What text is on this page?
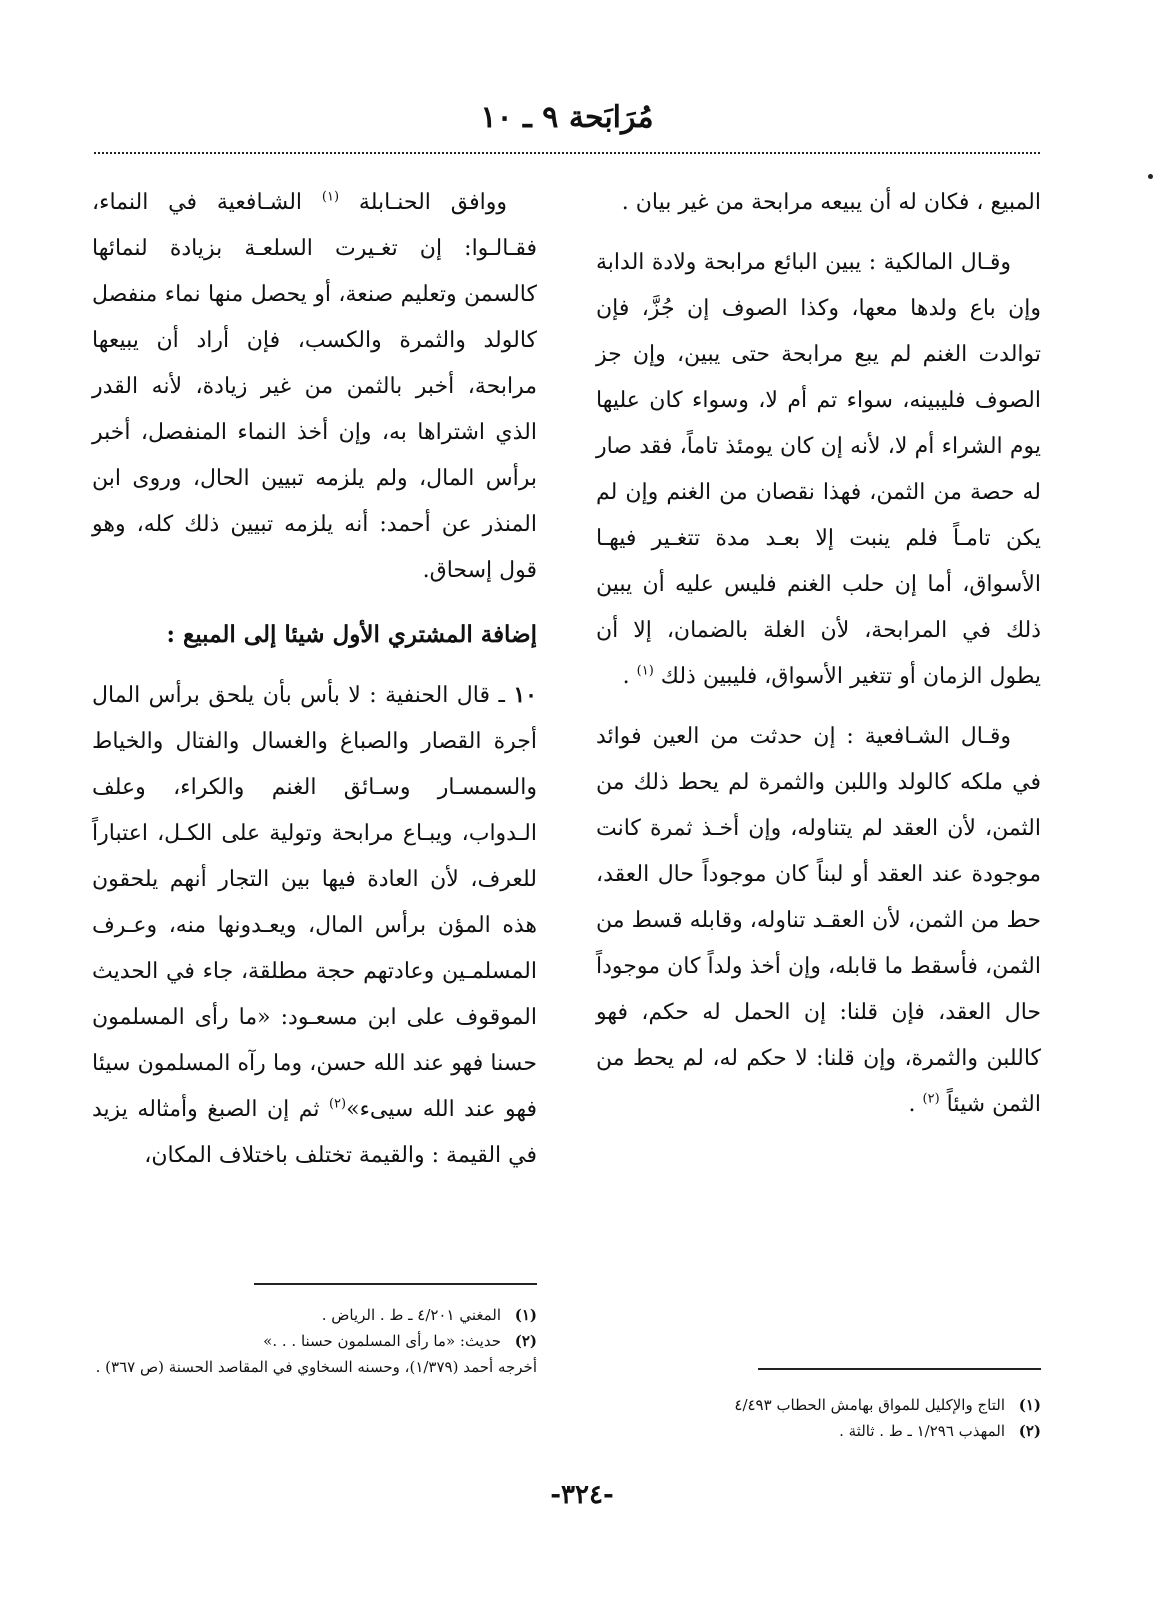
مُرَابَحة ٩ ـ ١٠

المبيع ، فكان له أن يبيعه مرابحة من غير بيان .

وقـال المالكية : يبين البائع مرابحة ولادة الدابة وإن باع ولدها معها، وكذا الصوف إن جُزَّ، فإن توالدت الغنم لم يبع مرابحة حتى يبين، وإن جز الصوف فليبينه، سواء تم أم لا، وسواء كان عليها يوم الشراء أم لا، لأنه إن كان يومئذ تاماً، فقد صار له حصة من الثمن، فهذا نقصان من الغنم وإن لم يكن تامـاً فلم ينبت إلا بعـد مدة تتغـير فيهـا الأسواق، أما إن حلب الغنم فليس عليه أن يبين ذلك في المرابحة، لأن الغلة بالضمان، إلا أن يطول الزمان أو تتغير الأسواق، فليبين ذلك $^{(١)}$ .

وقـال الشـافعية : إن حدثت من العين فوائد في ملكه كالولد واللبن والثمرة لم يحط ذلك من الثمن، لأن العقد لم يتناوله، وإن أخـذ ثمرة كانت موجودة عند العقد أو لبناً كان موجوداً حال العقد، حط من الثمن، لأن العقـد تناوله، وقابله قسط من الثمن، فأسقط ما قابله، وإن أخذ ولداً كان موجوداً حال العقد، فإن قلنا: إن الحمل له حكم، فهو كاللبن والثمرة، وإن قلنا: لا حكم له، لم يحط من الثمن شيئاً $^{(٢)}$ .

ووافق الحنـابلة $^{(١)}$ الشـافعية في النماء، فقـالـوا: إن تغـيرت السلعـة بزيادة لنمائها كالسمن وتعليم صنعة، أو يحصل منها نماء منفصل كالولد والثمرة والكسب، فإن أراد أن يبيعها مرابحة، أخبر بالثمن من غير زيادة، لأنه القدر الذي اشتراها به، وإن أخذ النماء المنفصل، أخبر برأس المال، ولم يلزمه تبيين الحال، وروى ابن المنذر عن أحمد: أنه يلزمه تبيين ذلك كله، وهو قول إسحاق.

إضافة المشتري الأول شيئا إلى المبيع :

١٠ ـ قال الحنفية : لا بأس بأن يلحق برأس المال أجرة القصار والصباغ والغسال والفتال والخياط والسمسـار وسـائق الغنم والكراء، وعلف الـدواب، ويبـاع مرابحة وتولية على الكـل، اعتباراً للعرف، لأن العادة فيها بين التجار أنهم يلحقون هذه المؤن برأس المال، ويعـدونها منه، وعـرف المسلمـين وعادتهم حجة مطلقة، جاء في الحديث الموقوف على ابن مسعـود: «ما رأى المسلمون حسنا فهو عند الله حسن، وما رآه المسلمون سيئا فهو عند الله سيىء»$^{(٢)}$ ثم إن الصبغ وأمثاله يزيد في القيمة : والقيمة تختلف باختلاف المكان،

(١)
التاج والإكليل للمواق بهامش الحطاب ٤/٤٩٣
(٢)
المهذب ١/٢٩٦ ـ ط . ثالثة .
(١)
المغني ٤/٢٠١ ـ ط . الرياض .
(٢)
حديث: «ما رأى المسلمون حسنا . . .»
أخرجه أحمد (١/٣٧٩)، وحسنه السخاوي في المقاصد الحسنة (ص ٣٦٧) .
-٣٢٤-
